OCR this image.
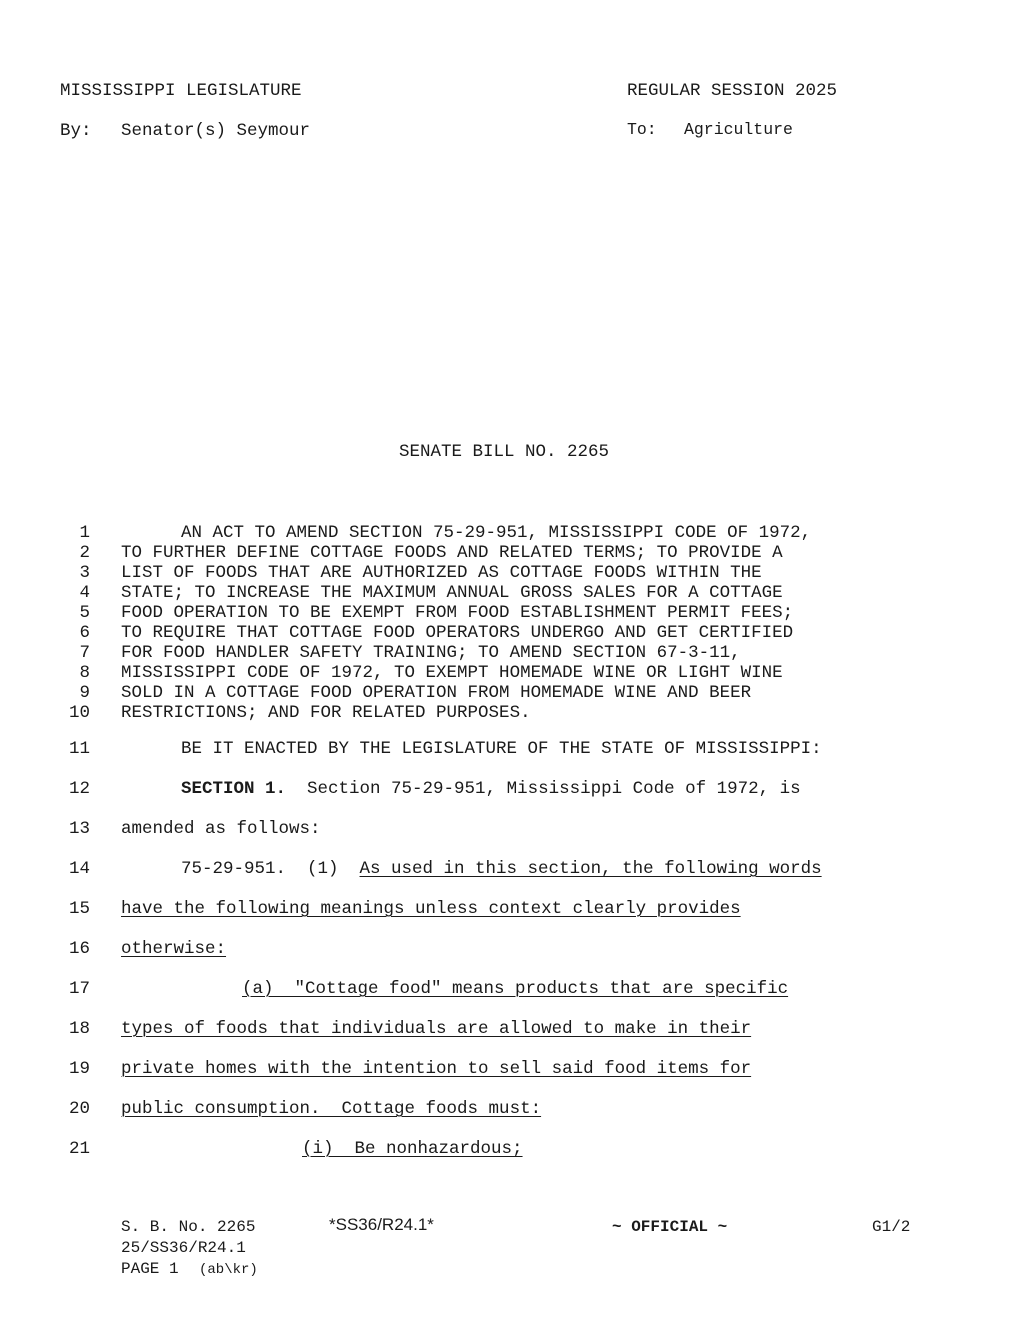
MISSISSIPPI LEGISLATURE	REGULAR SESSION 2025
By: Senator(s) Seymour	To: Agriculture
SENATE BILL NO. 2265
1	AN ACT TO AMEND SECTION 75-29-951, MISSISSIPPI CODE OF 1972,
2 TO FURTHER DEFINE COTTAGE FOODS AND RELATED TERMS; TO PROVIDE A
3 LIST OF FOODS THAT ARE AUTHORIZED AS COTTAGE FOODS WITHIN THE
4 STATE; TO INCREASE THE MAXIMUM ANNUAL GROSS SALES FOR A COTTAGE
5 FOOD OPERATION TO BE EXEMPT FROM FOOD ESTABLISHMENT PERMIT FEES;
6 TO REQUIRE THAT COTTAGE FOOD OPERATORS UNDERGO AND GET CERTIFIED
7 FOR FOOD HANDLER SAFETY TRAINING; TO AMEND SECTION 67-3-11,
8 MISSISSIPPI CODE OF 1972, TO EXEMPT HOMEMADE WINE OR LIGHT WINE
9 SOLD IN A COTTAGE FOOD OPERATION FROM HOMEMADE WINE AND BEER
10 RESTRICTIONS; AND FOR RELATED PURPOSES.
11	BE IT ENACTED BY THE LEGISLATURE OF THE STATE OF MISSISSIPPI:
12	SECTION 1.  Section 75-29-951, Mississippi Code of 1972, is
13 amended as follows:
14	75-29-951.  (1)  As used in this section, the following words
15 have the following meanings unless context clearly provides
16 otherwise:
17	(a)  "Cottage food" means products that are specific
18 types of foods that individuals are allowed to make in their
19 private homes with the intention to sell said food items for
20 public consumption.  Cottage foods must:
21	(i)  Be nonhazardous;
S. B. No. 2265	*SS36/R24.1*	~ OFFICIAL ~	G1/2
25/SS36/R24.1
PAGE 1 (ab\kr)
